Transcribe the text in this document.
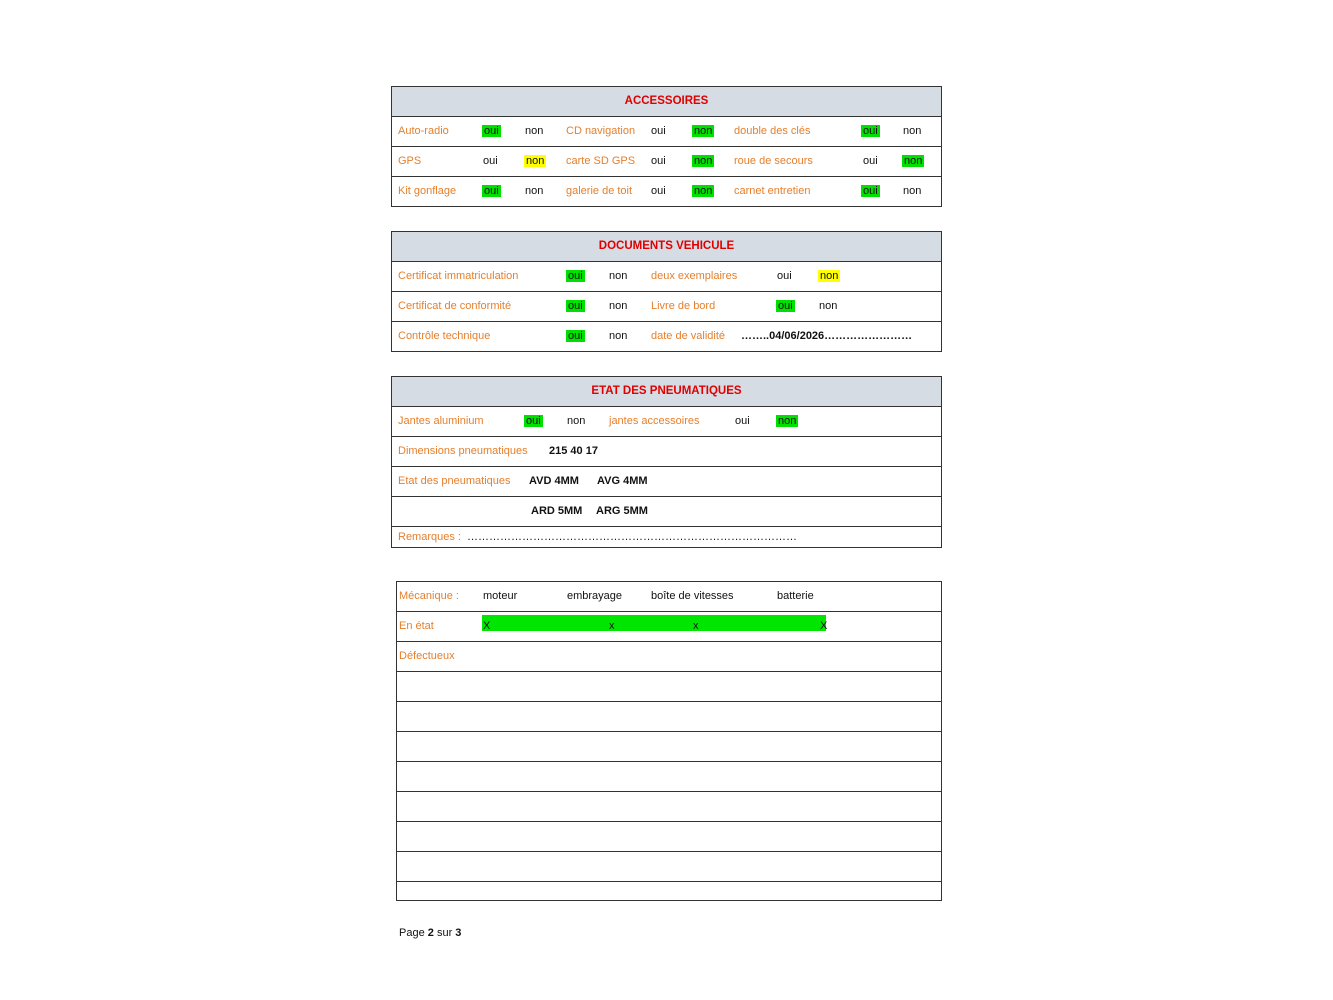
ACCESSOIRES
Auto-radio	oui non CD navigation oui	non double des clés	oui non
GPS	oui	non carte SD GPS oui	non roue de secours	oui non
Kit gonflage	oui non galerie de toit oui	non carnet entretien	oui non
DOCUMENTS VEHICULE
Certificat immatriculation	oui non deux exemplaires	oui	non
Certificat de conformité	oui non Livre de bord	oui non
Contrôle technique	oui non date de validité ……..04/06/2026……………………
ETAT DES PNEUMATIQUES
Jantes aluminium	oui non jantes accessoires	oui	non
Dimensions pneumatiques 215 40 17
Etat des pneumatiques AVD 4MM AVG 4MM
ARD 5MM ARG 5MM
Remarques : ………………………………………………………………………………
Mécanique : moteur	embrayage	boîte de vitesses	batterie
En état	X	x	x	X
Défectueux
Page 2 sur 3
